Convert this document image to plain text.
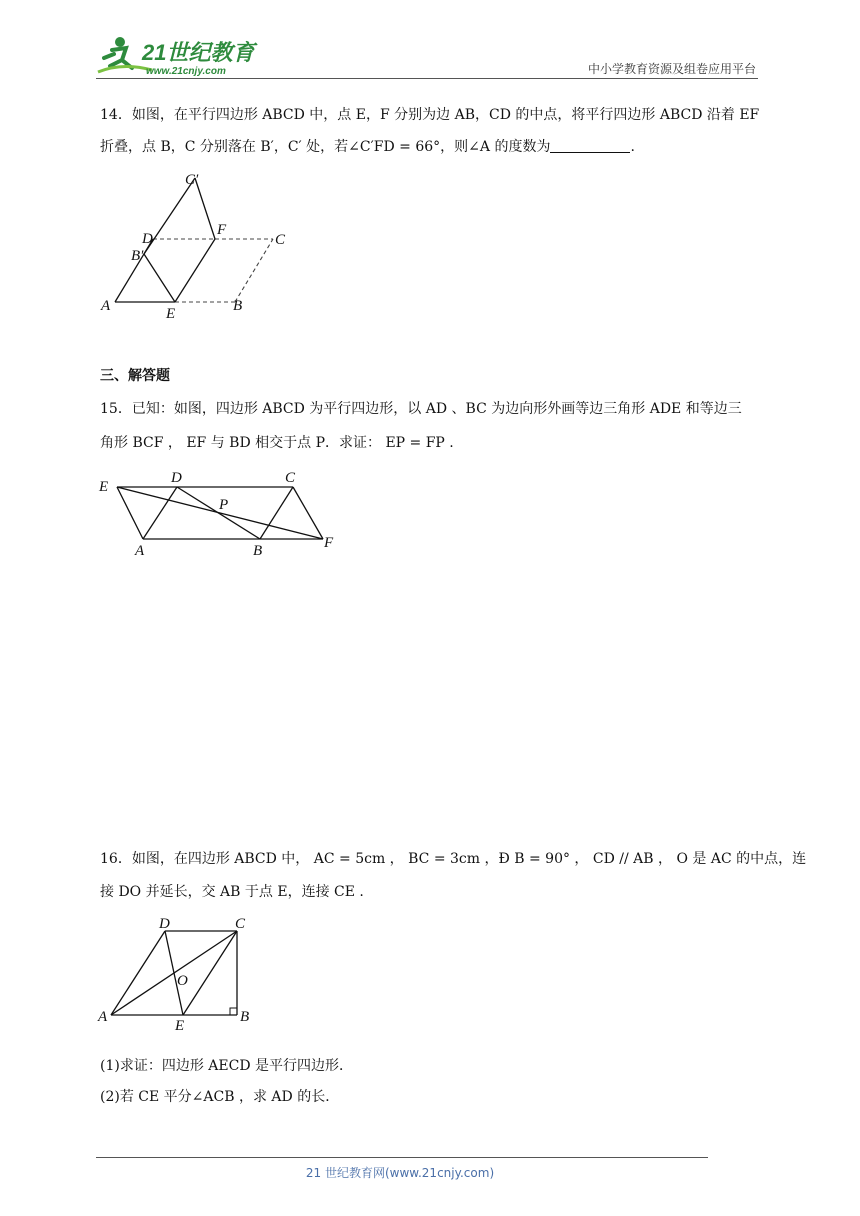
21世纪教育
www.21cnjy.com	中小学教育资源及组卷应用平台
14．如图，在平行四边形 ABCD 中，点 E，F 分别为边 AB，CD 的中点，将平行四边形 ABCD 沿着 EF
折叠，点 B，C 分别落在 B′，C′ 处，若∠C′FD = 66°，则∠A 的度数为	.
C′
D
F
C
B′
A	E	B
三、解答题
15．已知：如图，四边形 ABCD 为平行四边形，以 AD 、BC 为边向形外画等边三角形 ADE 和等边三
角形 BCF ， EF 与 BD 相交于点 P．求证： EP = FP .
E
D	C
P
A	B	F
16．如图，在四边形 ABCD 中， AC = 5cm ， BC = 3cm ，Ð B = 90° ， CD // AB ， O 是 AC 的中点，连
接 DO 并延长，交 AB 于点 E，连接 CE .
D	C
O
A
E
B
(1)求证：四边形 AECD 是平行四边形．
(2)若 CE 平分∠ACB ，求 AD 的长．
21 世纪教育网(www.21cnjy.com)
